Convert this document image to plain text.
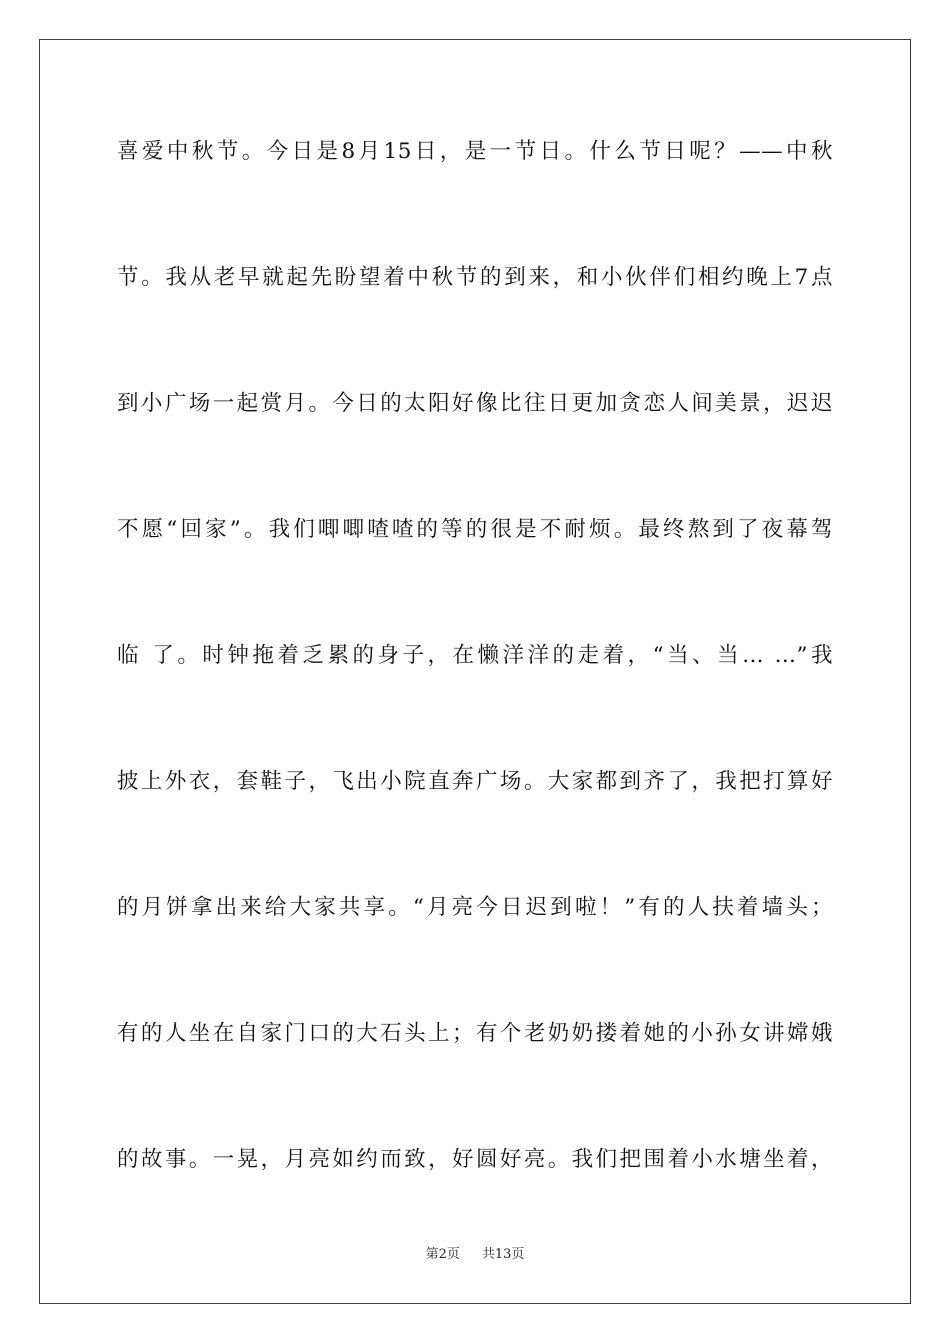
喜爱中秋节。今日是8月15日，是一节日。什么节日呢？——中秋

节。我从老早就起先盼望着中秋节的到来，和小伙伴们相约晚上7点

到小广场一起赏月。今日的太阳好像比往日更加贪恋人间美景，迟迟

不愿“回家”。我们唧唧喳喳的等的很是不耐烦。最终熬到了夜幕驾

临 了。时钟拖着乏累的身子，在懒洋洋的走着，“当、当… …”我

披上外衣，套鞋子，飞出小院直奔广场。大家都到齐了，我把打算好

的月饼拿出来给大家共享。“月亮今日迟到啦！”有的人扶着墙头；

有的人坐在自家门口的大石头上；有个老奶奶搂着她的小孙女讲嫦娥

的故事。一晃，月亮如约而致，好圆好亮。我们把围着小水塘坐着，

第2页 共13页
